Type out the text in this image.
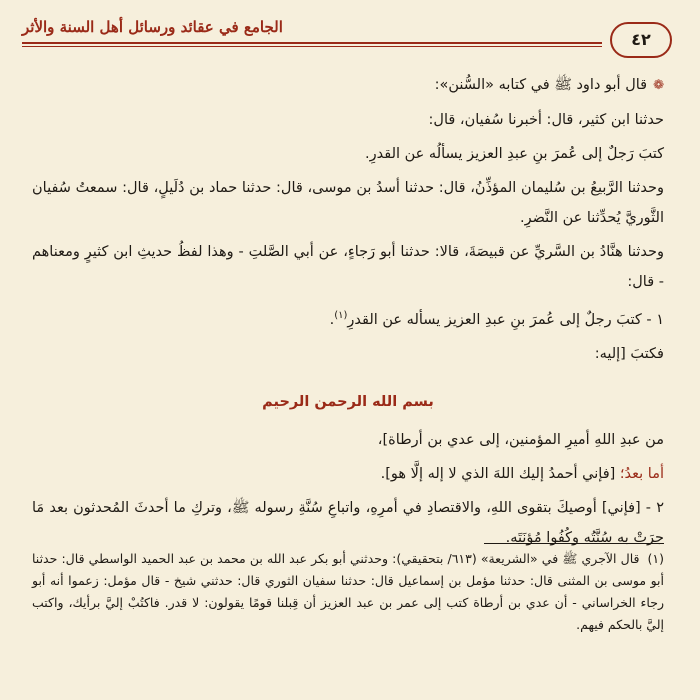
الجامع في عقائد ورسائل أهل السنة والأثر
٤٢

❁قال أبو داود ﷺ في كتابه «السُّنن»:

حدثنا ابن كثير، قال: أخبرنا سُفيان، قال:

كتبَ رَجلٌ إلى عُمرَ بنِ عبدِ العزيز يسألُه عن القدرِ.

وحدثنا الرَّبيعُ بن سُليمان المؤذِّنُ، قال: حدثنا أسدُ بن موسى، قال: حدثنا حماد بن دُلَيلٍ، قال: سمعتُ سُفيان الثَّوريَّ يُحدِّثنا عن النَّضرِ.

وحدثنا هنَّادُ بن السَّريِّ عن قبيصَةَ، قالا: حدثنا أبو رَجاءٍ، عن أبي الصَّلتِ - وهذا لفظُ حديثِ ابن كثيرٍ ومعناهم - قال:

١ - كتبَ رجلٌ إلى عُمرَ بنِ عبدِ العزيز يسأله عن القدرِ$^{(١)}$.

فكتبَ [إليه:

بسم الله الرحمن الرحيم

من عبدِ اللهِ أميرِ المؤمنين، إلى عدي بن أرطاة]،

أما بعدُ؛ [فإني أحمدُ إليك اللهَ الذي لا إله إلَّا هو].

٢ - [فإني] أوصيكَ بتقوى اللهِ، والاقتصادِ في أمرِهِ، واتباعِ سُنَّةِ رسوله ﷺ، وتركِ ما أحدثَ المُحدثون بعد مَا جرَتْ به سُنَّتُه وكُفُوا مُؤنَتَه.

(١)قال الآجري ﷺ في «الشريعة» (٦١٣/ بتحقيقي): وحدثني أبو بكر عبد الله بن محمد بن عبد الحميد الواسطي قال: حدثنا أبو موسى بن المثنى قال: حدثنا مؤمل بن إسماعيل قال: حدثنا سفيان الثوري قال: حدثني شيخ - قال مؤمل: زعموا أنه أبو رجاء الخراساني - أن عدي بن أرطاة كتب إلى عمر بن عبد العزيز أن قِبلنا قومًا يقولون: لا قدر. فاكتُبْ إليَّ برأيك، واكتب إليَّ بالحكم فيهم.
